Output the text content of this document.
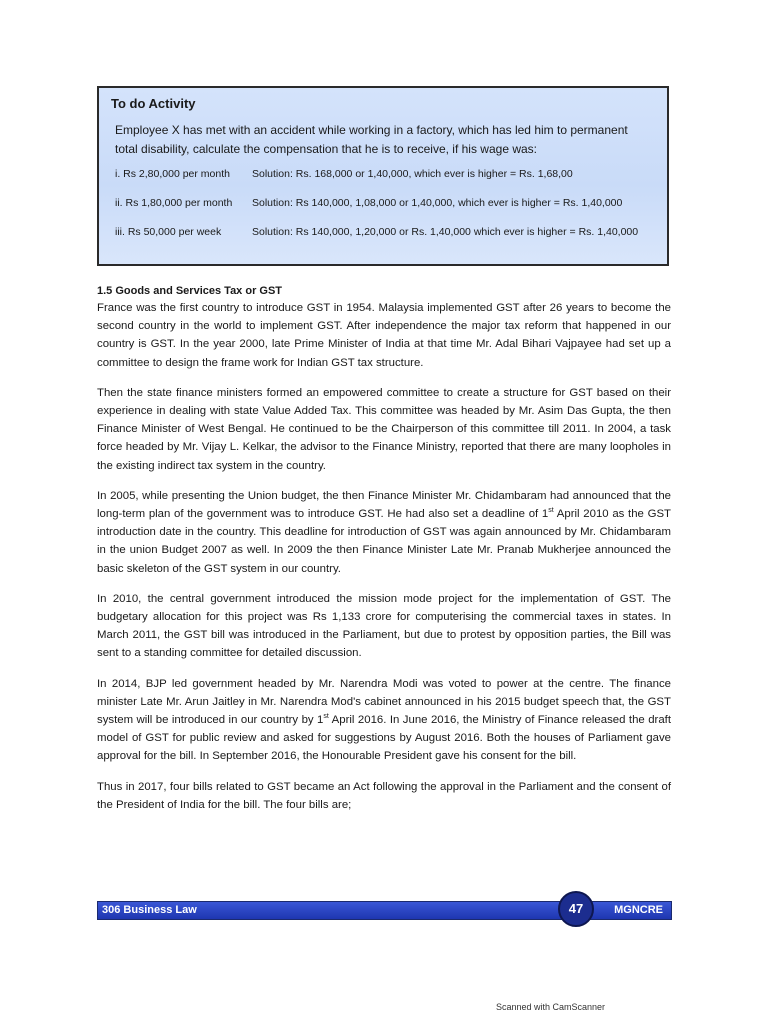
To do Activity
Employee X has met with an accident while working in a factory, which has led him to permanent total disability, calculate the compensation that he is to receive, if his wage was:
i. Rs 2,80,000 per month Solution: Rs. 168,000 or 1,40,000, which ever is higher = Rs. 1,68,00
ii. Rs 1,80,000 per month Solution: Rs 140,000, 1,08,000 or 1,40,000, which ever is higher = Rs. 1,40,000
iii. Rs 50,000 per week	Solution: Rs 140,000, 1,20,000 or Rs. 1,40,000 which ever is higher = Rs. 1,40,000
1.5 Goods and Services Tax or GST

France was the first country to introduce GST in 1954. Malaysia implemented GST after 26 years to become the second country in the world to implement GST. After independence the major tax reform that happened in our country is GST. In the year 2000, late Prime Minister of India at that time Mr. Adal Bihari Vajpayee had set up a committee to design the frame work for Indian GST tax structure.

Then the state finance ministers formed an empowered committee to create a structure for GST based on their experience in dealing with state Value Added Tax. This committee was headed by Mr. Asim Das Gupta, the then Finance Minister of West Bengal. He continued to be the Chairperson of this committee till 2011. In 2004, a task force headed by Mr. Vijay L. Kelkar, the advisor to the Finance Ministry, reported that there are many loopholes in the existing indirect tax system in the country.

In 2005, while presenting the Union budget, the then Finance Minister Mr. Chidambaram had announced that the long-term plan of the government was to introduce GST. He had also set a deadline of 1st April 2010 as the GST introduction date in the country. This deadline for introduction of GST was again announced by Mr. Chidambaram in the union Budget 2007 as well. In 2009 the then Finance Minister Late Mr. Pranab Mukherjee announced the basic skeleton of the GST system in our country.

In 2010, the central government introduced the mission mode project for the implementation of GST. The budgetary allocation for this project was Rs 1,133 crore for computerising the commercial taxes in states. In March 2011, the GST bill was introduced in the Parliament, but due to protest by opposition parties, the Bill was sent to a standing committee for detailed discussion.

In 2014, BJP led government headed by Mr. Narendra Modi was voted to power at the centre. The finance minister Late Mr. Arun Jaitley in Mr. Narendra Mod's cabinet announced in his 2015 budget speech that, the GST system will be introduced in our country by 1st April 2016. In June 2016, the Ministry of Finance released the draft model of GST for public review and asked for suggestions by August 2016. Both the houses of Parliament gave approval for the bill. In September 2016, the Honourable President gave his consent for the bill.

Thus in 2017, four bills related to GST became an Act following the approval in the Parliament and the consent of the President of India for the bill. The four bills are;

306 Business Law	MGNCRE
47
Scanned with CamScanner
